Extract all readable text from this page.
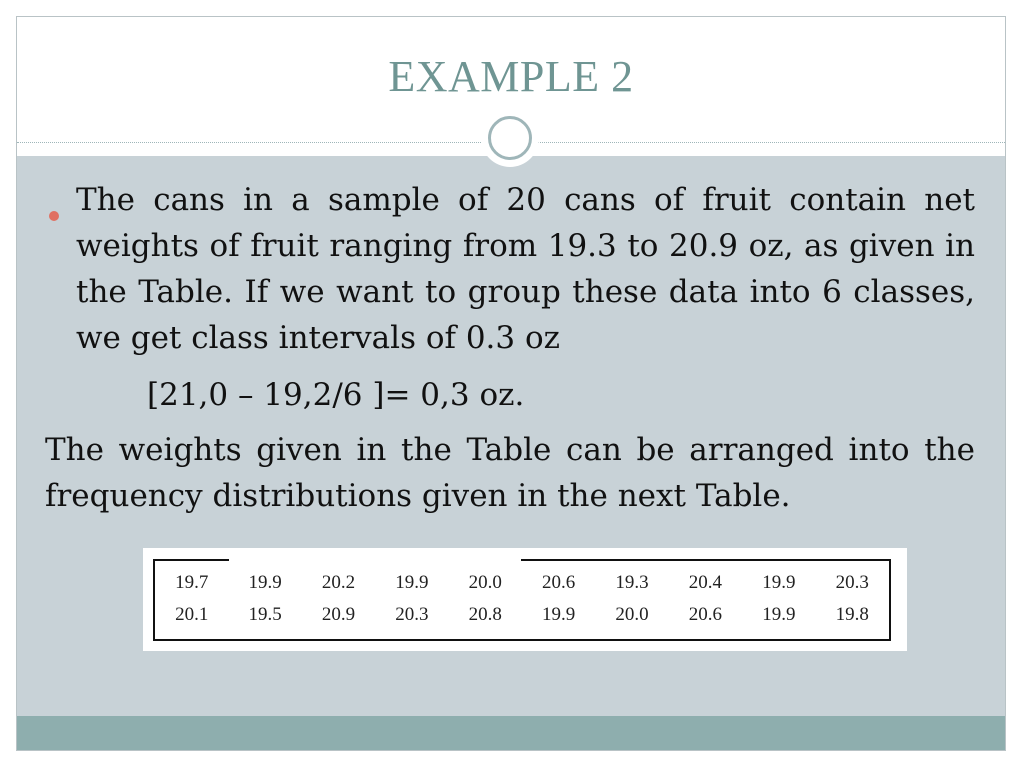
EXAMPLE 2
The cans in a sample of 20 cans of fruit contain net weights of fruit ranging from 19.3 to 20.9 oz, as given in the Table. If we want to group these data into 6 classes, we get class intervals of 0.3 oz
[21,0 – 19,2/6 ]= 0,3 oz.
The weights given in the Table can be arranged into the frequency distributions given in the next Table.
19.7	19.9	20.2	19.9	20.0	20.6	19.3	20.4	19.9	20.3
20.1	19.5	20.9	20.3	20.8	19.9	20.0	20.6	19.9	19.8
